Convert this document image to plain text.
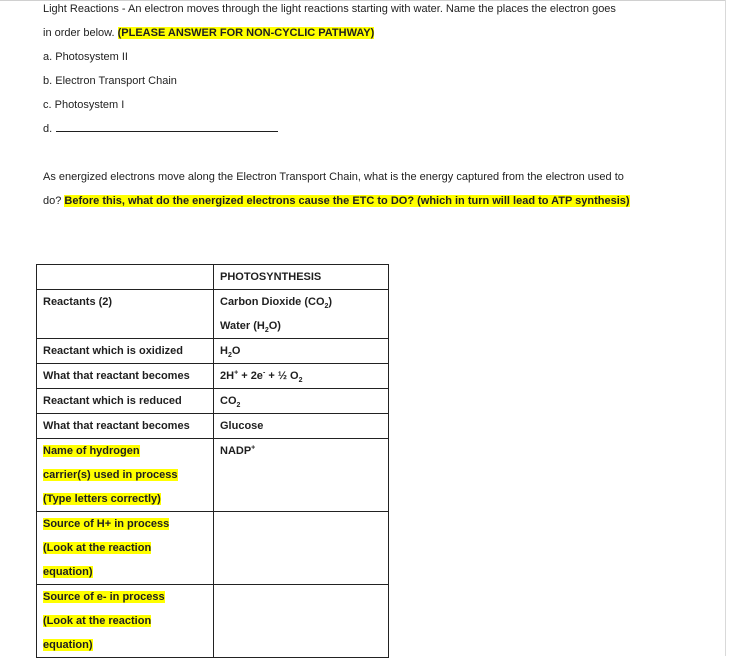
Light Reactions - An electron moves through the light reactions starting with water. Name the places the electron goes
in order below. (PLEASE ANSWER FOR NON-CYCLIC PATHWAY)
a. Photosystem II
b. Electron Transport Chain
c. Photosystem I
d.
As energized electrons move along the Electron Transport Chain, what is the energy captured from the electron used to
do? Before this, what do the energized electrons cause the ETC to DO? (which in turn will lead to ATP synthesis)
	PHOTOSYNTHESIS
Reactants (2)	Carbon Dioxide $(CO_2)$
Water $(H_2O)$

Reactant which is oxidized	$H_2O$
What that reactant becomes	2H+ + 2e- + ½ $O_2$
Reactant which is reduced	$CO_2$
What that reactant becomes	Glucose

Name of hydrogen
carrier(s) used in process
(Type letters correctly)	NADP+

Source of H+ in process
(Look at the reaction
equation)	

Source of e- in process
(Look at the reaction
equation)	
